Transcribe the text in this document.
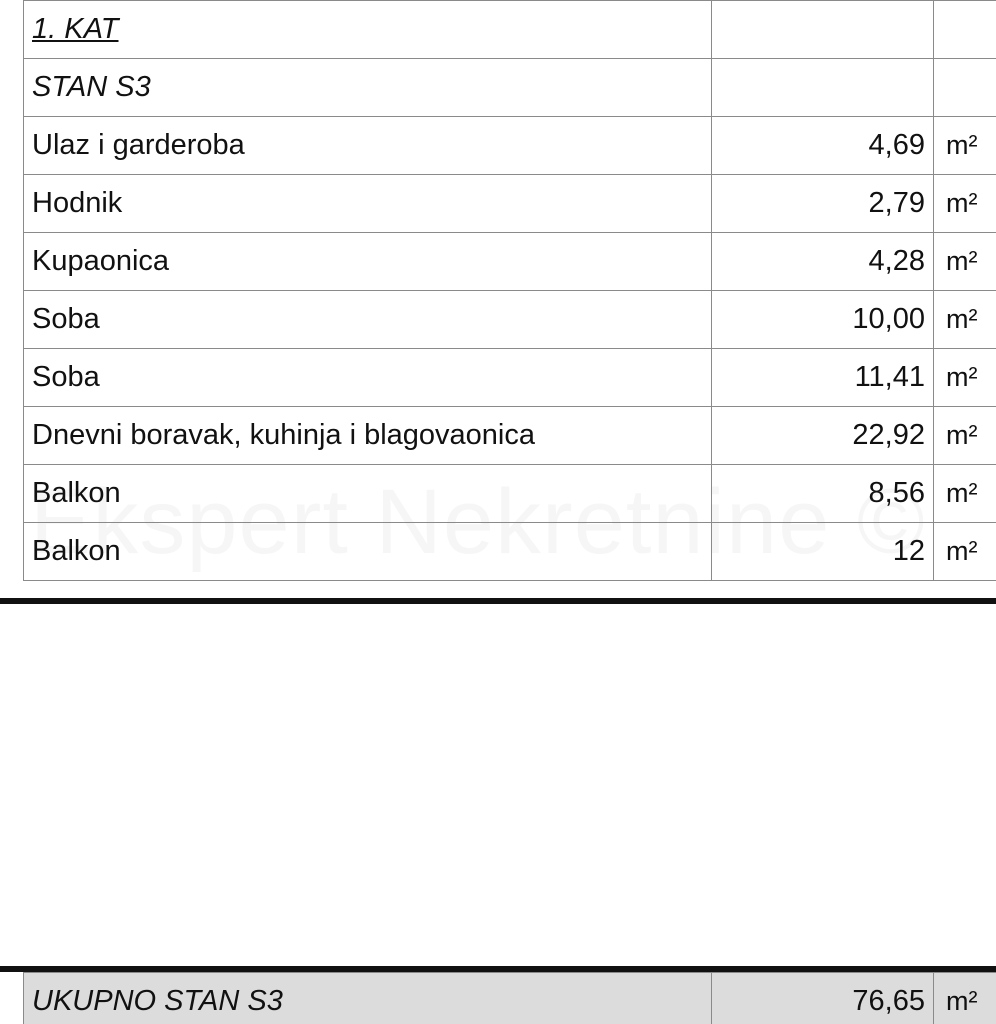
1. KAT		
STAN S3		
Ulaz i garderoba	4,69	m²
Hodnik	2,79	m²
Kupaonica	4,28	m²
Soba	10,00	m²
Soba	11,41	m²
Dnevni boravak, kuhinja i blagovaonica	22,92	m²
Balkon	8,56	m²
Balkon	12	m²
UKUPNO STAN S3	76,65	m²
